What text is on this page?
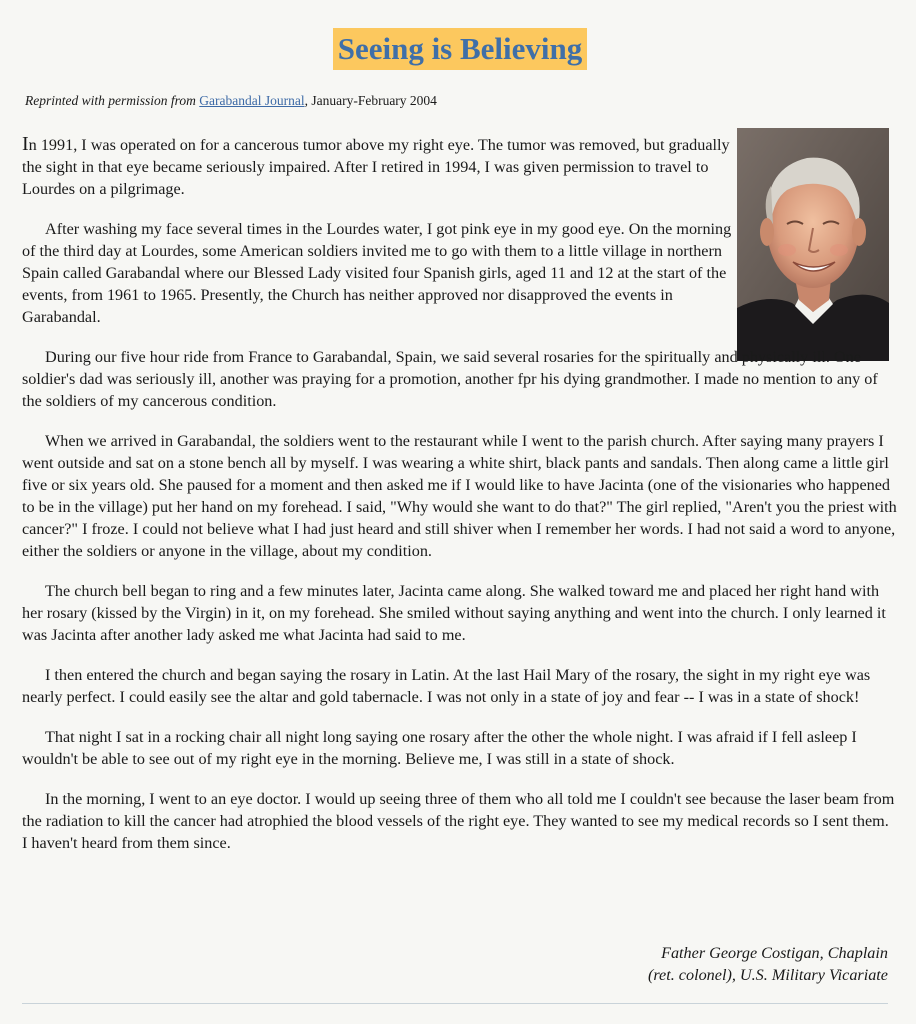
Seeing is Believing
Reprinted with permission from Garabandal Journal, January-February 2004

In 1991, I was operated on for a cancerous tumor above my right eye. The tumor was removed, but gradually the sight in that eye became seriously impaired. After I retired in 1994, I was given permission to travel to Lourdes on a pilgrimage.

After washing my face several times in the Lourdes water, I got pink eye in my good eye. On the morning of the third day at Lourdes, some American soldiers invited me to go with them to a little village in northern Spain called Garabandal where our Blessed Lady visited four Spanish girls, aged 11 and 12 at the start of the events, from 1961 to 1965. Presently, the Church has neither approved nor disapproved the events in Garabandal.

During our five hour ride from France to Garabandal, Spain, we said several rosaries for the spiritually and physically ill. One soldier's dad was seriously ill, another was praying for a promotion, another fpr his dying grandmother. I made no mention to any of the soldiers of my cancerous condition.

When we arrived in Garabandal, the soldiers went to the restaurant while I went to the parish church. After saying many prayers I went outside and sat on a stone bench all by myself. I was wearing a white shirt, black pants and sandals. Then along came a little girl five or six years old. She paused for a moment and then asked me if I would like to have Jacinta (one of the visionaries who happened to be in the village) put her hand on my forehead. I said, "Why would she want to do that?" The girl replied, "Aren't you the priest with cancer?" I froze. I could not believe what I had just heard and still shiver when I remember her words. I had not said a word to anyone, either the soldiers or anyone in the village, about my condition.

The church bell began to ring and a few minutes later, Jacinta came along. She walked toward me and placed her right hand with her rosary (kissed by the Virgin) in it, on my forehead. She smiled without saying anything and went into the church. I only learned it was Jacinta after another lady asked me what Jacinta had said to me.

I then entered the church and began saying the rosary in Latin. At the last Hail Mary of the rosary, the sight in my right eye was nearly perfect. I could easily see the altar and gold tabernacle. I was not only in a state of joy and fear -- I was in a state of shock!

That night I sat in a rocking chair all night long saying one rosary after the other the whole night. I was afraid if I fell asleep I wouldn't be able to see out of my right eye in the morning. Believe me, I was still in a state of shock.

In the morning, I went to an eye doctor. I would up seeing three of them who all told me I couldn't see because the laser beam from the radiation to kill the cancer had atrophied the blood vessels of the right eye. They wanted to see my medical records so I sent them. I haven't heard from them since.

Father George Costigan, Chaplain
(ret. colonel), U.S. Military Vicariate
